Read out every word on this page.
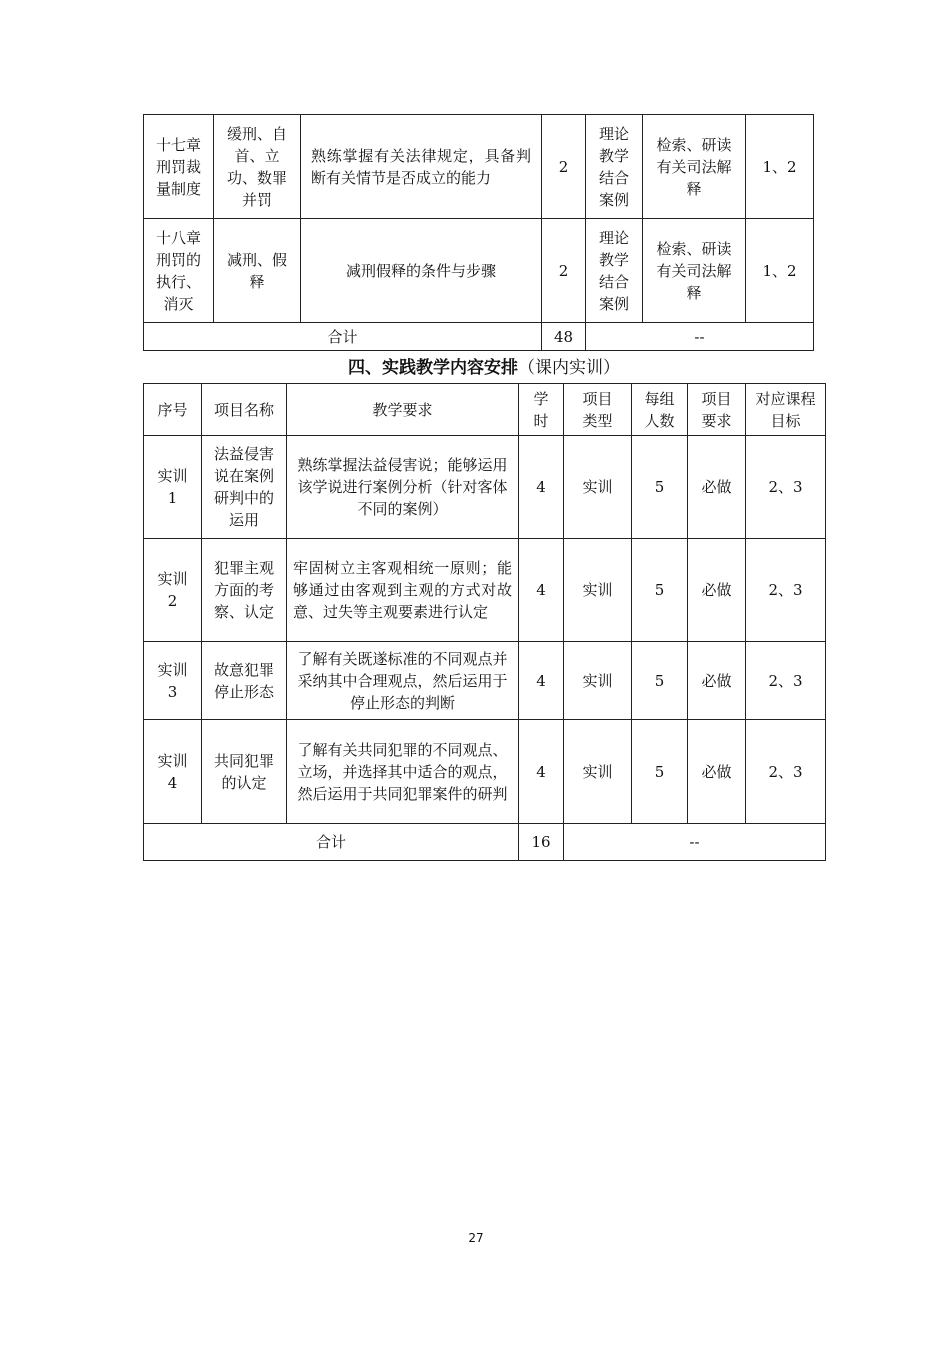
十七章刑罚裁量制度	缓刑、自首、立功、数罪并罚	熟练掌握有关法律规定，具备判断有关情节是否成立的能力	2	理论教学结合案例	检索、研读有关司法解释	1、2
十八章刑罚的执行、消灭	减刑、假释	减刑假释的条件与步骤	2	理论教学结合案例	检索、研读有关司法解释	1、2
合计			48	--		
四、实践教学内容安排（课内实训）
序号	项目名称	教学要求	学时	项目类型	每组人数	项目要求	对应课程目标
实训1	法益侵害说在案例研判中的运用	熟练掌握法益侵害说；能够运用该学说进行案例分析（针对客体不同的案例）	4	实训	5	必做	2、3
实训2	犯罪主观方面的考察、认定	牢固树立主客观相统一原则；能够通过由客观到主观的方式对故意、过失等主观要素进行认定	4	实训	5	必做	2、3
实训3	故意犯罪停止形态	了解有关既遂标准的不同观点并采纳其中合理观点，然后运用于停止形态的判断	4	实训	5	必做	2、3
实训4	共同犯罪的认定	了解有关共同犯罪的不同观点、立场，并选择其中适合的观点，然后运用于共同犯罪案件的研判	4	实训	5	必做	2、3
合计			16	--			
27
